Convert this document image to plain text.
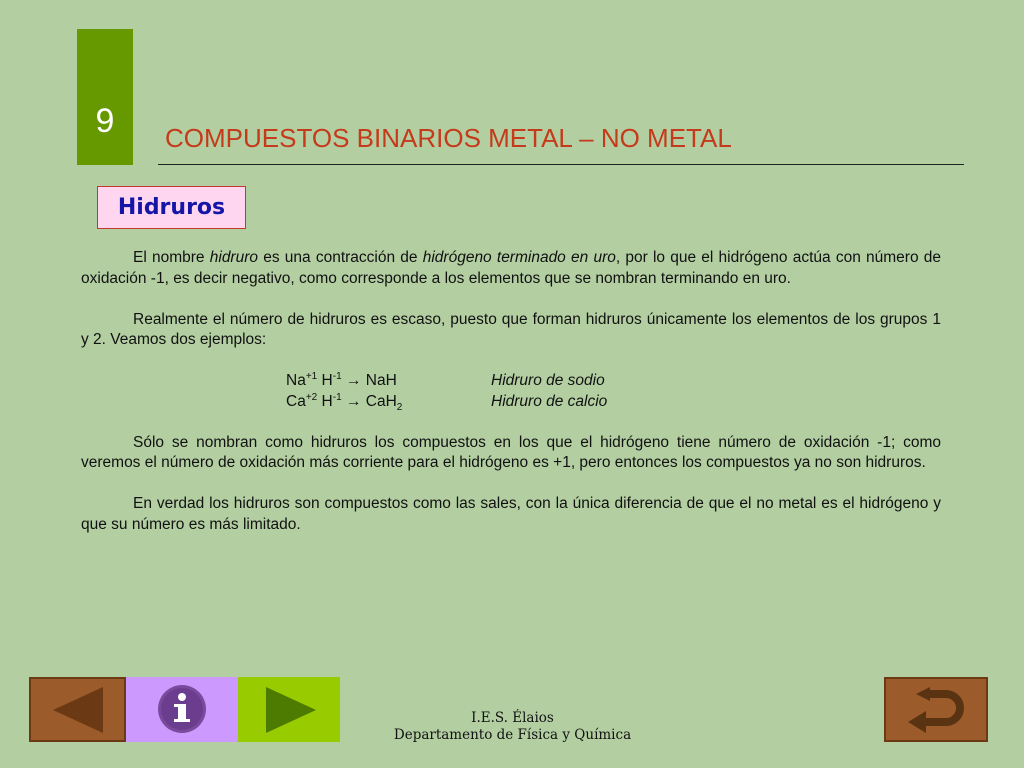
9	COMPUESTOS BINARIOS METAL – NO METAL
Hidruros

El nombre hidruro es una contracción de hidrógeno terminado en uro, por lo que el hidrógeno actúa con número de oxidación -1, es decir negativo, como corresponde a los elementos que se nombran terminando en uro.

Realmente el número de hidruros es escaso, puesto que forman hidruros únicamente los elementos de los grupos 1 y 2. Veamos dos ejemplos:

$Na^{+1}$ $H^{-1}$ → NaH	Hidruro de sodio
$Ca^{+2}$ $H^{-1} \to CaH_2$	Hidruro de calcio

Sólo se nombran como hidruros los compuestos en los que el hidrógeno tiene número de oxidación -1; como veremos el número de oxidación más corriente para el hidrógeno es +1, pero entonces los compuestos ya no son hidruros.

En verdad los hidruros son compuestos como las sales, con la única diferencia de que el no metal es el hidrógeno y que su número es más limitado.

I.E.S. Élaios
Departamento de Física y Química
